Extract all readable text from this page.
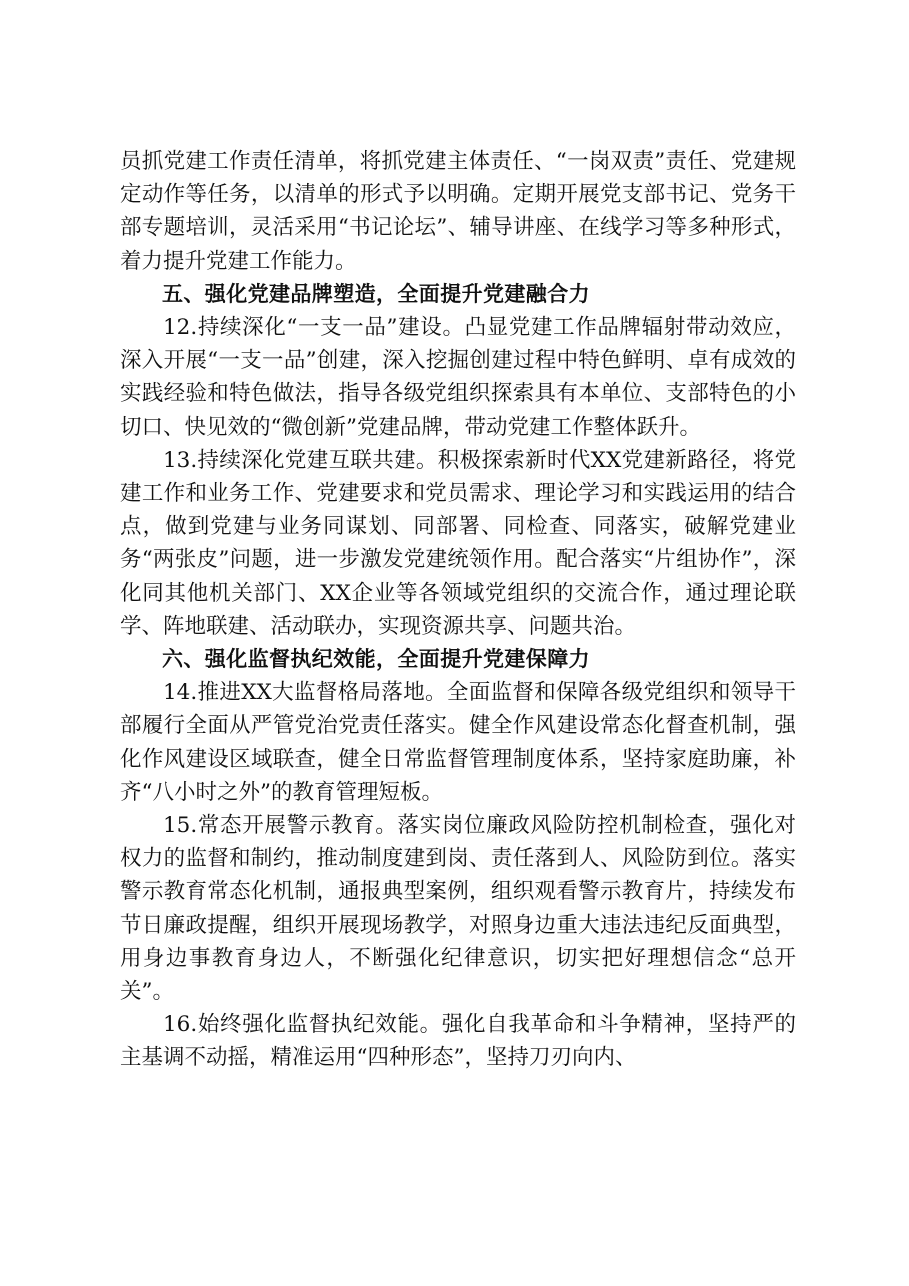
员抓党建工作责任清单，将抓党建主体责任、“一岗双责”责任、党建规定动作等任务，以清单的形式予以明确。定期开展党支部书记、党务干部专题培训，灵活采用“书记论坛”、辅导讲座、在线学习等多种形式，着力提升党建工作能力。

五、强化党建品牌塑造，全面提升党建融合力

12.持续深化“一支一品”建设。凸显党建工作品牌辐射带动效应，深入开展“一支一品”创建，深入挖掘创建过程中特色鲜明、卓有成效的实践经验和特色做法，指导各级党组织探索具有本单位、支部特色的小切口、快见效的“微创新”党建品牌，带动党建工作整体跃升。

13.持续深化党建互联共建。积极探索新时代XX党建新路径，将党建工作和业务工作、党建要求和党员需求、理论学习和实践运用的结合点，做到党建与业务同谋划、同部署、同检查、同落实，破解党建业务“两张皮”问题，进一步激发党建统领作用。配合落实“片组协作”，深化同其他机关部门、XX企业等各领域党组织的交流合作，通过理论联学、阵地联建、活动联办，实现资源共享、问题共治。

六、强化监督执纪效能，全面提升党建保障力

14.推进XX大监督格局落地。全面监督和保障各级党组织和领导干部履行全面从严管党治党责任落实。健全作风建设常态化督查机制，强化作风建设区域联查，健全日常监督管理制度体系，坚持家庭助廉，补齐“八小时之外”的教育管理短板。

15.常态开展警示教育。落实岗位廉政风险防控机制检查，强化对权力的监督和制约，推动制度建到岗、责任落到人、风险防到位。落实警示教育常态化机制，通报典型案例，组织观看警示教育片，持续发布节日廉政提醒，组织开展现场教学，对照身边重大违法违纪反面典型，用身边事教育身边人，不断强化纪律意识，切实把好理想信念“总开关”。

16.始终强化监督执纪效能。强化自我革命和斗争精神，坚持严的主基调不动摇，精准运用“四种形态”，坚持刀刃向内、
